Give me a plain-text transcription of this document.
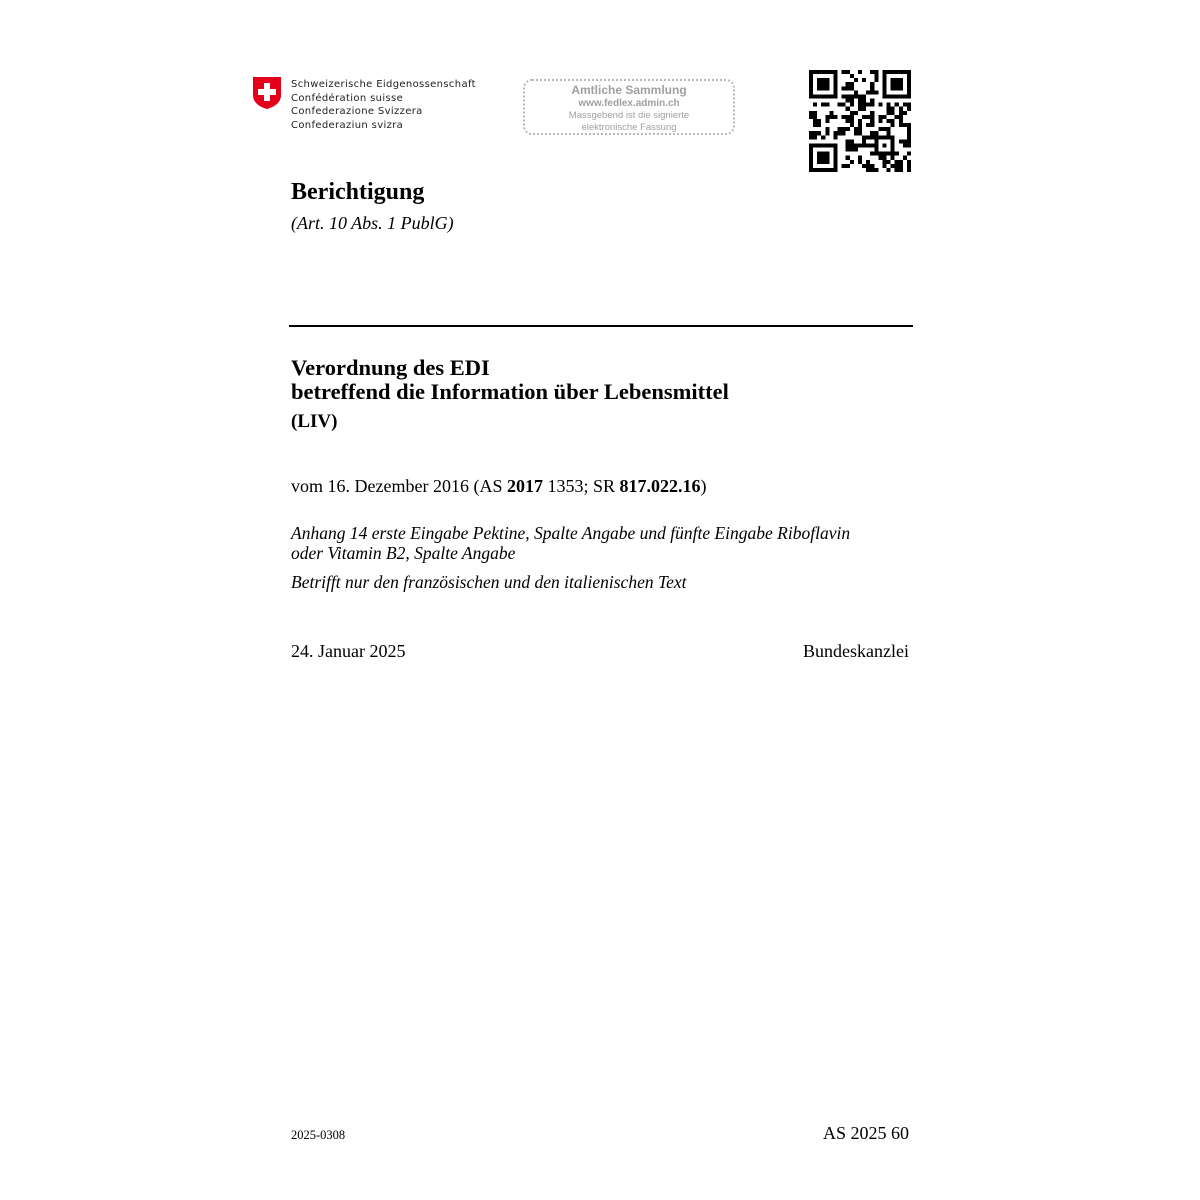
Schweizerische Eidgenossenschaft
Confédération suisse
Confederazione Svizzera
Confederaziun svizra
Amtliche Sammlung
www.fedlex.admin.ch
Massgebend ist die signierte
elektronische Fassung
Berichtigung
(Art. 10 Abs. 1 PublG)
Verordnung des EDI
betreffend die Information über Lebensmittel
(LIV)
vom 16. Dezember 2016 (AS 2017 1353; SR 817.022.16)
Anhang 14 erste Eingabe Pektine, Spalte Angabe und fünfte Eingabe Riboflavin
oder Vitamin B2, Spalte Angabe
Betrifft nur den französischen und den italienischen Text
24. Januar 2025	Bundeskanzlei
2025-0308	AS 2025 60
